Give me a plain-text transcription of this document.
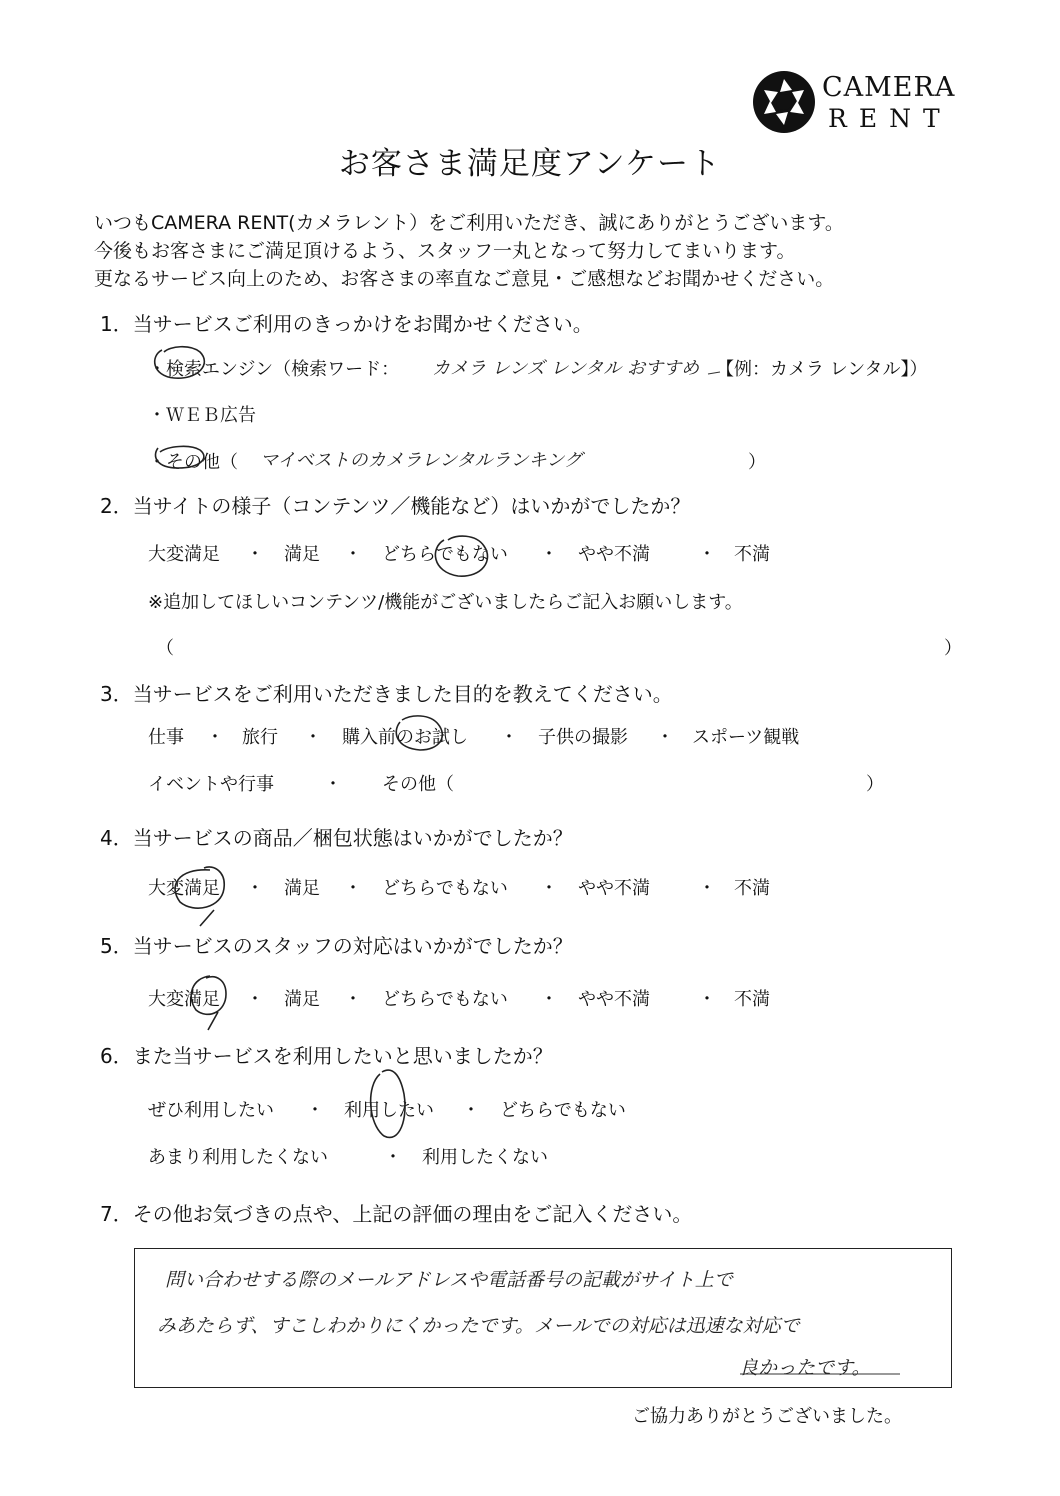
CAMERA
RENT
お客さま満足度アンケート
いつもCAMERA RENT(カメラレント）をご利用いただき、誠にありがとうございます。
今後もお客さまにご満足頂けるよう、スタッフ一丸となって努力してまいります。
更なるサービス向上のため、お客さまの率直なご意見・ご感想などお聞かせください。
1．当サービスご利用のきっかけをお聞かせください。
・検索エンジン（検索ワード： カメラ レンズ レンタル おすすめ 【例：カメラ レンタル】）
・ＷＥＢ広告
・その他（ マイベストのカメラレンタルランキング	）
2．当サイトの様子（コンテンツ／機能など）はいかがでしたか？
大変満足 ・ 満足 ・ どちらでもない ・ やや不満	・ 不満
※追加してほしいコンテンツ/機能がございましたらご記入お願いします。
（	）
3．当サービスをご利用いただきました目的を教えてください。
仕事 ・ 旅行 ・ 購入前のお試し ・ 子供の撮影 ・ スポーツ観戦
イベントや行事	・ その他（	）
4．当サービスの商品／梱包状態はいかがでしたか？
大変満足 ・ 満足 ・ どちらでもない ・ やや不満	・ 不満
5．当サービスのスタッフの対応はいかがでしたか？
大変満足 ・ 満足 ・ どちらでもない ・ やや不満	・ 不満
6．また当サービスを利用したいと思いましたか？
ぜひ利用したい ・ 利用したい ・ どちらでもない
あまり利用したくない	・ 利用したくない
7．その他お気づきの点や、上記の評価の理由をご記入ください。
問い合わせする際のメールアドレスや電話番号の記載がサイト上で
みあたらず、すこしわかりにくかったです。メールでの対応は迅速な対応で
良かったです。
ご協力ありがとうございました。
